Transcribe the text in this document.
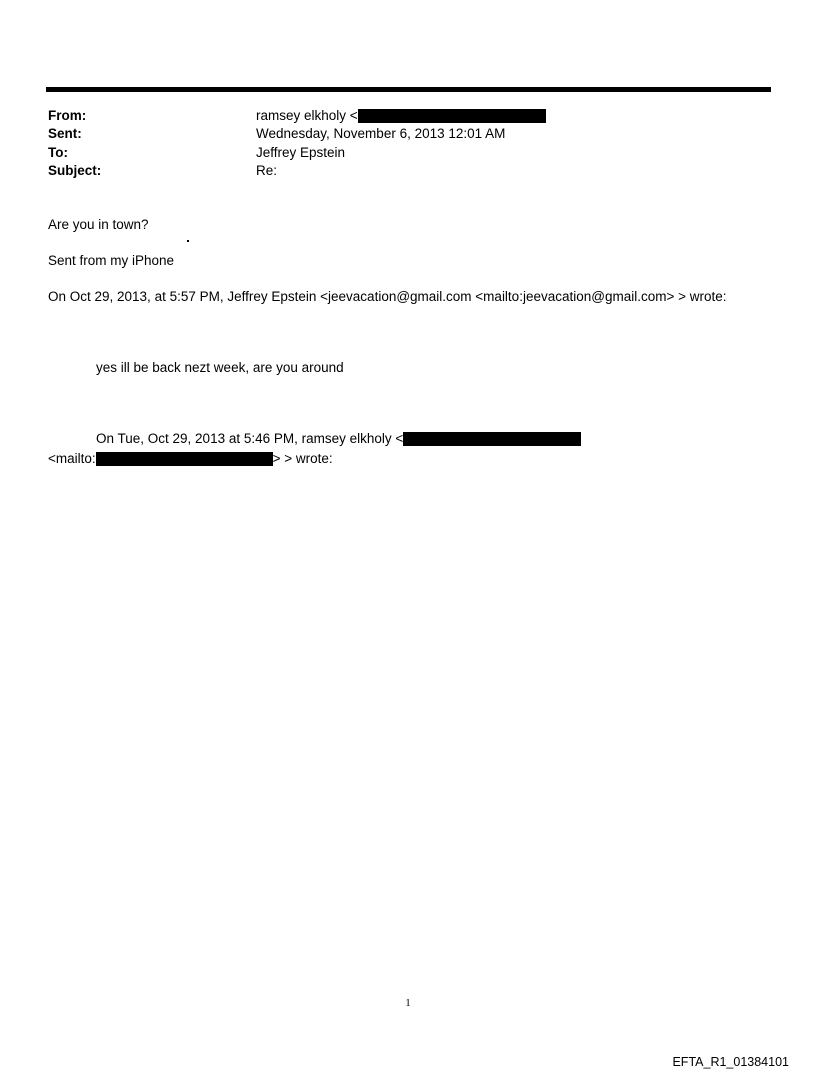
From:	ramsey elkholy <
Sent:	Wednesday, November 6, 2013 12:01 AM
To:	Jeffrey Epstein
Subject:	Re:
Are you in town?
Sent from my iPhone
On Oct 29, 2013, at 5:57 PM, Jeffrey Epstein <jeevacation@gmail.com <mailto:jeevacation@gmail.com> > wrote:
yes ill be back nezt week, are you around
On Tue, Oct 29, 2013 at 5:46 PM, ramsey elkholy <
<mailto:	> > wrote:
1
EFTA_R1_01384101
